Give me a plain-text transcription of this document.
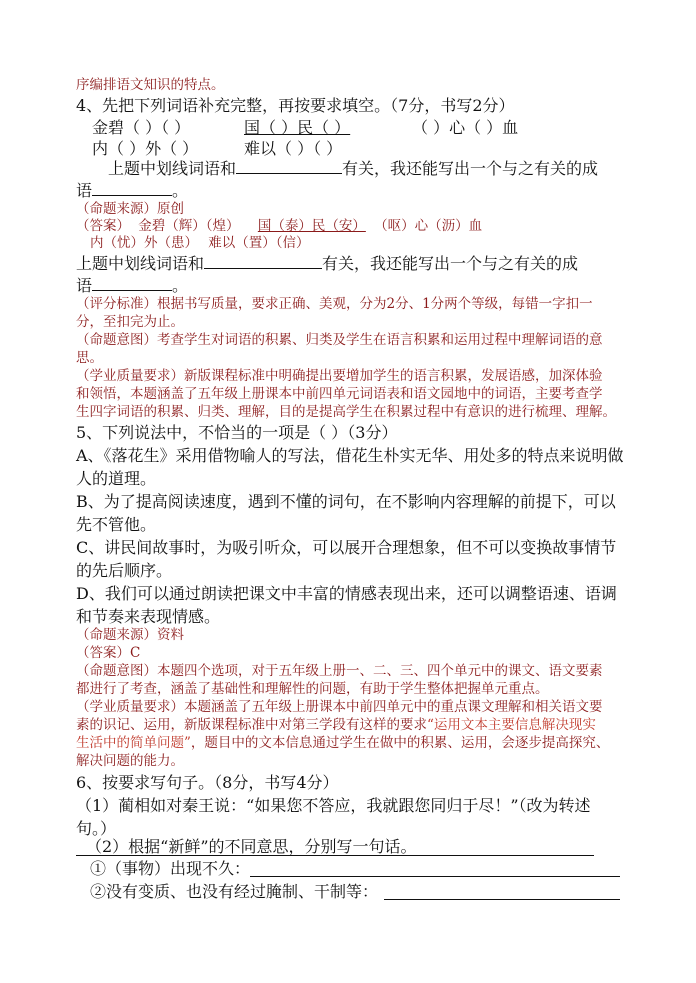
序编排语文知识的特点。
4、先把下列词语补充完整，再按要求填空。（7分，书写2分）
金碧（ ）（ ）	国（ ）民（ ）	（ ）心（ ）血
内（ ）外（ ）	难以（ ）（ ）
上题中划线词语和	有关，我还能写出一个与之有关的成
语	。
（命题来源）原创
（答案） 金碧（辉）（煌） 国（泰）民（安） （呕）心（沥）血
内（忧）外（患） 难以（置）（信）
上题中划线词语和	有关，我还能写出一个与之有关的成
语	。
（评分标准）根据书写质量，要求正确、美观，分为2分、1分两个等级，每错一字扣一
分，至扣完为止。
（命题意图）考查学生对词语的积累、归类及学生在语言积累和运用过程中理解词语的意
思。
（学业质量要求）新版课程标准中明确提出要增加学生的语言积累，发展语感，加深体验
和领悟，本题涵盖了五年级上册课本中前四单元词语表和语文园地中的词语，主要考查学
生四字词语的积累、归类、理解，目的是提高学生在积累过程中有意识的进行梳理、理解。
5、下列说法中，不恰当的一项是（ ）（3分）
A、《落花生》采用借物喻人的写法，借花生朴实无华、用处多的特点来说明做
人的道理。
B、为了提高阅读速度，遇到不懂的词句，在不影响内容理解的前提下，可以
先不管他。
C、讲民间故事时，为吸引听众，可以展开合理想象，但不可以变换故事情节
的先后顺序。
D、我们可以通过朗读把课文中丰富的情感表现出来，还可以调整语速、语调
和节奏来表现情感。
（命题来源）资料
（答案）C
（命题意图）本题四个选项，对于五年级上册一、二、三、四个单元中的课文、语文要素
都进行了考查，涵盖了基础性和理解性的问题，有助于学生整体把握单元重点。
（学业质量要求）本题涵盖了五年级上册课本中前四单元中的重点课文理解和相关语文要
素的识记、运用，新版课程标准中对第三学段有这样的要求“运用文本主要信息解决现实
生活中的简单问题”，题目中的文本信息通过学生在做中的积累、运用，会逐步提高探究、
解决问题的能力。
6、按要求写句子。（8分，书写4分）
（1）蔺相如对秦王说：“如果您不答应，我就跟您同归于尽！”（改为转述
句。）
（2）根据“新鲜”的不同意思，分别写一句话。
①（事物）出现不久：
②没有变质、也没有经过腌制、干制等：
